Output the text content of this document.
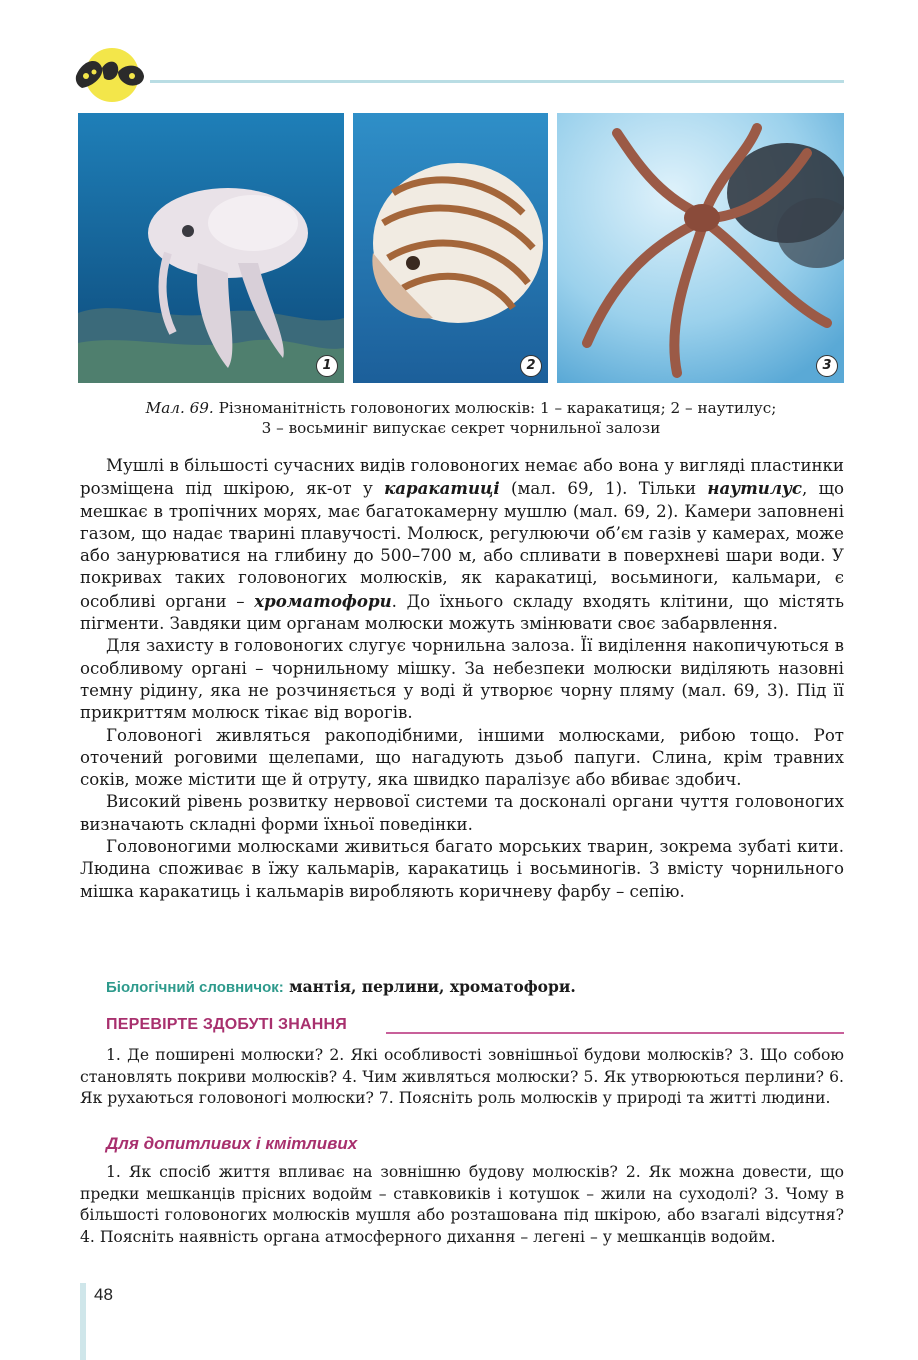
1	2	3
Мал. 69. Різноманітність головоногих молюсків: 1 – каракатиця; 2 – наутилус;
3 – восьминіг випускає секрет чорнильної залози

Мушлі в більшості сучасних видів головоногих немає або вона у вигляді пластинки розміщена під шкірою, як-от у каракатиці (мал. 69, 1). Тільки наутилус, що мешкає в тропічних морях, має багатокамерну мушлю (мал. 69, 2). Камери заповнені газом, що надає тварині плавучості. Молюск, регулюючи об’єм газів у камерах, може або занурюватися на глибину до 500–700 м, або спливати в поверхневі шари води. У покривах таких головоногих молюсків, як каракатиці, восьминоги, кальмари, є особливі органи – хроматофори. До їхнього складу входять клітини, що містять пігменти. Завдяки цим органам молюски можуть змінювати своє забарвлення.

Для захисту в головоногих слугує чорнильна залоза. Її виділення накопичуються в особливому органі – чорнильному мішку. За небезпеки молюски виділяють назовні темну рідину, яка не розчиняється у воді й утворює чорну пляму (мал. 69, 3). Під її прикриттям молюск тікає від ворогів.

Головоногі живляться ракоподібними, іншими молюсками, рибою тощо. Рот оточений роговими щелепами, що нагадують дзьоб папуги. Слина, крім травних соків, може містити ще й отруту, яка швидко паралізує або вбиває здобич.

Високий рівень розвитку нервової системи та досконалі органи чуття головоногих визначають складні форми їхньої поведінки.

Головоногими молюсками живиться багато морських тварин, зокрема зубаті кити. Людина споживає в їжу кальмарів, каракатиць і восьминогів. З вмісту чорнильного мішка каракатиць і кальмарів виробляють коричневу фарбу – сепію.

Біологічний словничок: мантія, перлини, хроматофори.
ПЕРЕВІРТЕ ЗДОБУТІ ЗНАННЯ

1. Де поширені молюски? 2. Які особливості зовнішньої будови молюсків? 3. Що собою становлять покриви молюсків? 4. Чим живляться молюски? 5. Як утворюються перлини? 6. Як рухаються головоногі молюски? 7. Поясніть роль молюсків у природі та житті людини.

Для допитливих і кмітливих

1. Як спосіб життя впливає на зовнішню будову молюсків? 2. Як можна довести, що предки мешканців прісних водойм – ставковиків і котушок – жили на суходолі? 3. Чому в більшості головоногих молюсків мушля або розташована під шкірою, або взагалі відсутня? 4. Поясніть наявність органа атмосферного дихання – легені – у мешканців водойм.

48
